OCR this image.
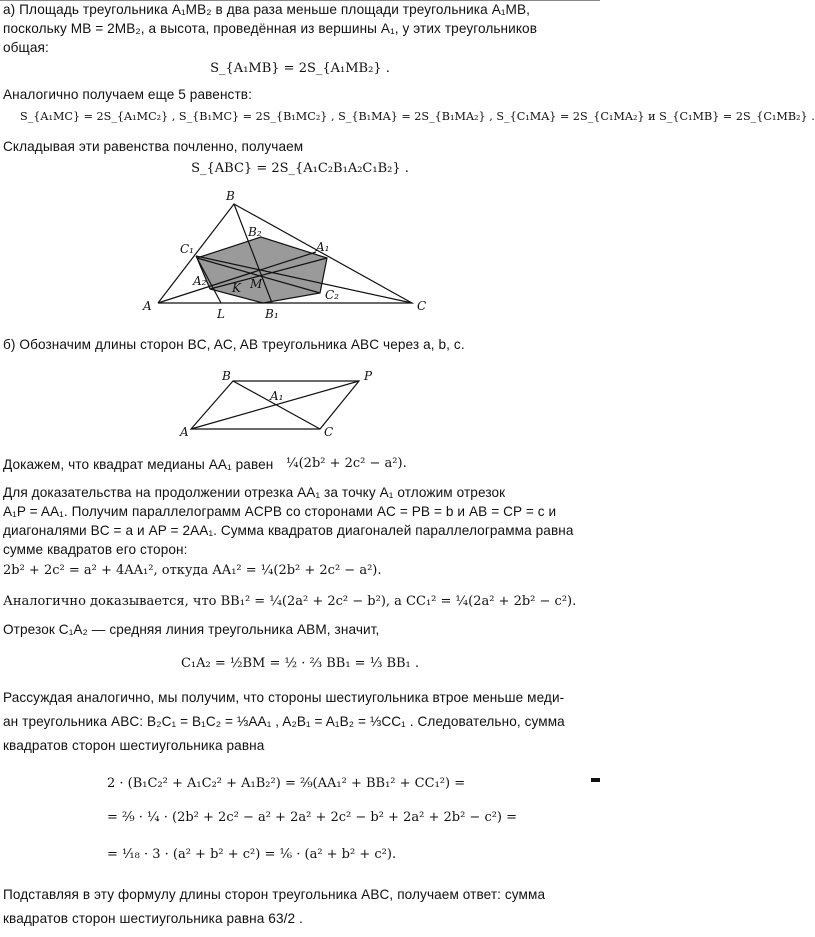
а) Площадь треугольника A₁MB₂ в два раза меньше площади треугольника A₁MB,
поскольку MB = 2MB₂, а высота, проведённая из вершины A₁, у этих треугольников
общая:
S_{A₁MB} = 2S_{A₁MB₂} .
Аналогично получаем еще 5 равенств:
S_{A₁MC} = 2S_{A₁MC₂} , S_{B₁MC} = 2S_{B₁MC₂} , S_{B₁MA} = 2S_{B₁MA₂} , S_{C₁MA} = 2S_{C₁MA₂} и S_{C₁MB} = 2S_{C₁MB₂} .
Складывая эти равенства почленно, получаем
S_{ABC} = 2S_{A₁C₂B₁A₂C₁B₂} .
B
B₂
C₁	A₁
A₂ K M
C₂
A	C
L	B₁
б) Обозначим длины сторон BC, AC, AB треугольника ABC через a, b, c.
B	P
A₁
A	C
Докажем, что квадрат медианы AA₁ равен ¼(2b² + 2c² − a²).
Для доказательства на продолжении отрезка AA₁ за точку A₁ отложим отрезок
A₁P = AA₁. Получим параллелограмм ACPB со сторонами AC = PB = b и AB = CP = c и
диагоналями BC = a и AP = 2AA₁. Сумма квадратов диагоналей параллелограмма равна
сумме квадратов его сторон:
2b² + 2c² = a² + 4AA₁², откуда AA₁² = ¼(2b² + 2c² − a²).
Аналогично доказывается, что BB₁² = ¼(2a² + 2c² − b²), а CC₁² = ¼(2a² + 2b² − c²).
Отрезок C₁A₂ — средняя линия треугольника ABM, значит,
C₁A₂ = ½BM = ½ · ⅔ BB₁ = ⅓ BB₁ .
Рассуждая аналогично, мы получим, что стороны шестиугольника втрое меньше меди-
ан треугольника ABC: B₂C₁ = B₁C₂ = ⅓AA₁ , A₂B₁ = A₁B₂ = ⅓CC₁ . Следовательно, сумма
квадратов сторон шестиугольника равна
2 · (B₁C₂² + A₁C₂² + A₁B₂²) = ²⁄₉(AA₁² + BB₁² + CC₁²) =
= ²⁄₉ · ¼ · (2b² + 2c² − a² + 2a² + 2c² − b² + 2a² + 2b² − c²) =
= ¹⁄₁₈ · 3 · (a² + b² + c²) = ⅙ · (a² + b² + c²).
Подставляя в эту формулу длины сторон треугольника ABC, получаем ответ: сумма
квадратов сторон шестиугольника равна 63/2 .
